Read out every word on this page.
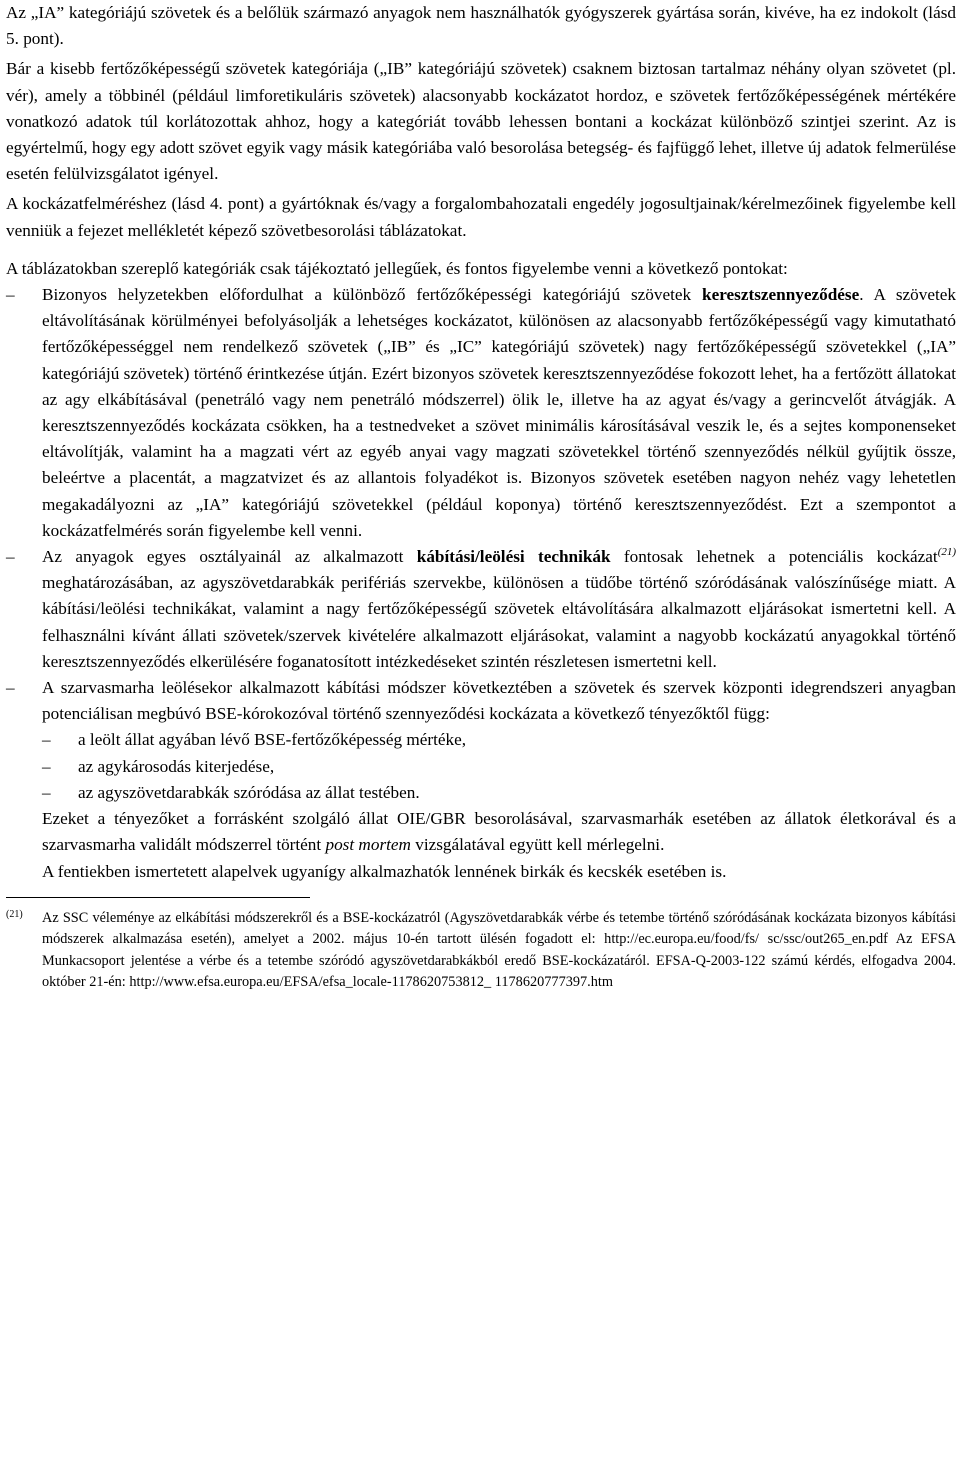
Az „IA” kategóriájú szövetek és a belőlük származó anyagok nem használhatók gyógyszerek gyártása során, kivéve, ha ez indokolt (lásd 5. pont).

Bár a kisebb fertőzőképességű szövetek kategóriája („IB” kategóriájú szövetek) csaknem biztosan tartalmaz néhány olyan szövetet (pl. vér), amely a többinél (például limforetikuláris szövetek) alacsonyabb kockázatot hordoz, e szövetek fertőzőképességének mértékére vonatkozó adatok túl korlátozottak ahhoz, hogy a kategóriát tovább lehessen bontani a kockázat különböző szintjei szerint. Az is egyértelmű, hogy egy adott szövet egyik vagy másik kategóriába való besorolása betegség- és fajfüggő lehet, illetve új adatok felmerülése esetén felülvizsgálatot igényel.

A kockázatfelméréshez (lásd 4. pont) a gyártóknak és/vagy a forgalombahozatali engedély jogosultjainak/kérelmezőinek figyelembe kell venniük a fejezet mellékletét képező szövetbesorolási táblázatokat.

A táblázatokban szereplő kategóriák csak tájékoztató jellegűek, és fontos figyelembe venni a következő pontokat:

–	Bizonyos helyzetekben előfordulhat a különböző fertőzőképességi kategóriájú szövetek keresztszennyeződése. A szövetek eltávolításának körülményei befolyásolják a lehetséges kockázatot, különösen az alacsonyabb fertőzőképességű vagy kimutatható fertőzőképességgel nem rendelkező szövetek („IB” és „IC” kategóriájú szövetek) nagy fertőzőképességű szövetekkel („IA” kategóriájú szövetek) történő érintkezése útján. Ezért bizonyos szövetek keresztszennyeződése fokozott lehet, ha a fertőzött állatokat az agy elkábításával (penetráló vagy nem penetráló módszerrel) ölik le, illetve ha az agyat és/vagy a gerincvelőt átvágják. A keresztszennyeződés kockázata csökken, ha a testnedveket a szövet minimális károsításával veszik le, és a sejtes komponenseket eltávolítják, valamint ha a magzati vért az egyéb anyai vagy magzati szövetekkel történő szennyeződés nélkül gyűjtik össze, beleértve a placentát, a magzatvizet és az allantois folyadékot is. Bizonyos szövetek esetében nagyon nehéz vagy lehetetlen megakadályozni az „IA” kategóriájú szövetekkel (például koponya) történő keresztszennyeződést. Ezt a szempontot a kockázatfelmérés során figyelembe kell venni.
–	Az anyagok egyes osztályainál az alkalmazott kábítási/leölési technikák fontosak lehetnek a potenciális kockázat$^{(21)}$ meghatározásában, az agyszövetdarabkák perifériás szervekbe, különösen a tüdőbe történő szóródásának valószínűsége miatt. A kábítási/leölési technikákat, valamint a nagy fertőzőképességű szövetek eltávolítására alkalmazott eljárásokat ismertetni kell. A felhasználni kívánt állati szövetek/szervek kivételére alkalmazott eljárásokat, valamint a nagyobb kockázatú anyagokkal történő keresztszennyeződés elkerülésére foganatosított intézkedéseket szintén részletesen ismertetni kell.
–	A szarvasmarha leölésekor alkalmazott kábítási módszer következtében a szövetek és szervek központi idegrendszeri anyagban potenciálisan megbúvó BSE-kórokozóval történő szennyeződési kockázata a következő tényezőktől függ:
–	a leölt állat agyában lévő BSE-fertőzőképesség mértéke,
–	az agykárosodás kiterjedése,
–	az agyszövetdarabkák szóródása az állat testében.

Ezeket a tényezőket a forrásként szolgáló állat OIE/GBR besorolásával, szarvasmarhák esetében az állatok életkorával és a szarvasmarha validált módszerrel történt post mortem vizsgálatával együtt kell mérlegelni.

A fentiekben ismertetett alapelvek ugyanígy alkalmazhatók lennének birkák és kecskék esetében is.

(21) Az SSC véleménye az elkábítási módszerekről és a BSE-kockázatról (Agyszövetdarabkák vérbe és tetembe történő szóródásának kockázata bizonyos kábítási módszerek alkalmazása esetén), amelyet a 2002. május 10-én tartott ülésén fogadott el: http://ec.europa.eu/food/fs/ sc/ssc/out265_en.pdf Az EFSA Munkacsoport jelentése a vérbe és a tetembe szóródó agyszövetdarabkákból eredő BSE-kockázatáról. EFSA-Q-2003-122 számú kérdés, elfogadva 2004. október 21-én: http://www.efsa.europa.eu/EFSA/efsa_locale-1178620753812_ 1178620777397.htm
